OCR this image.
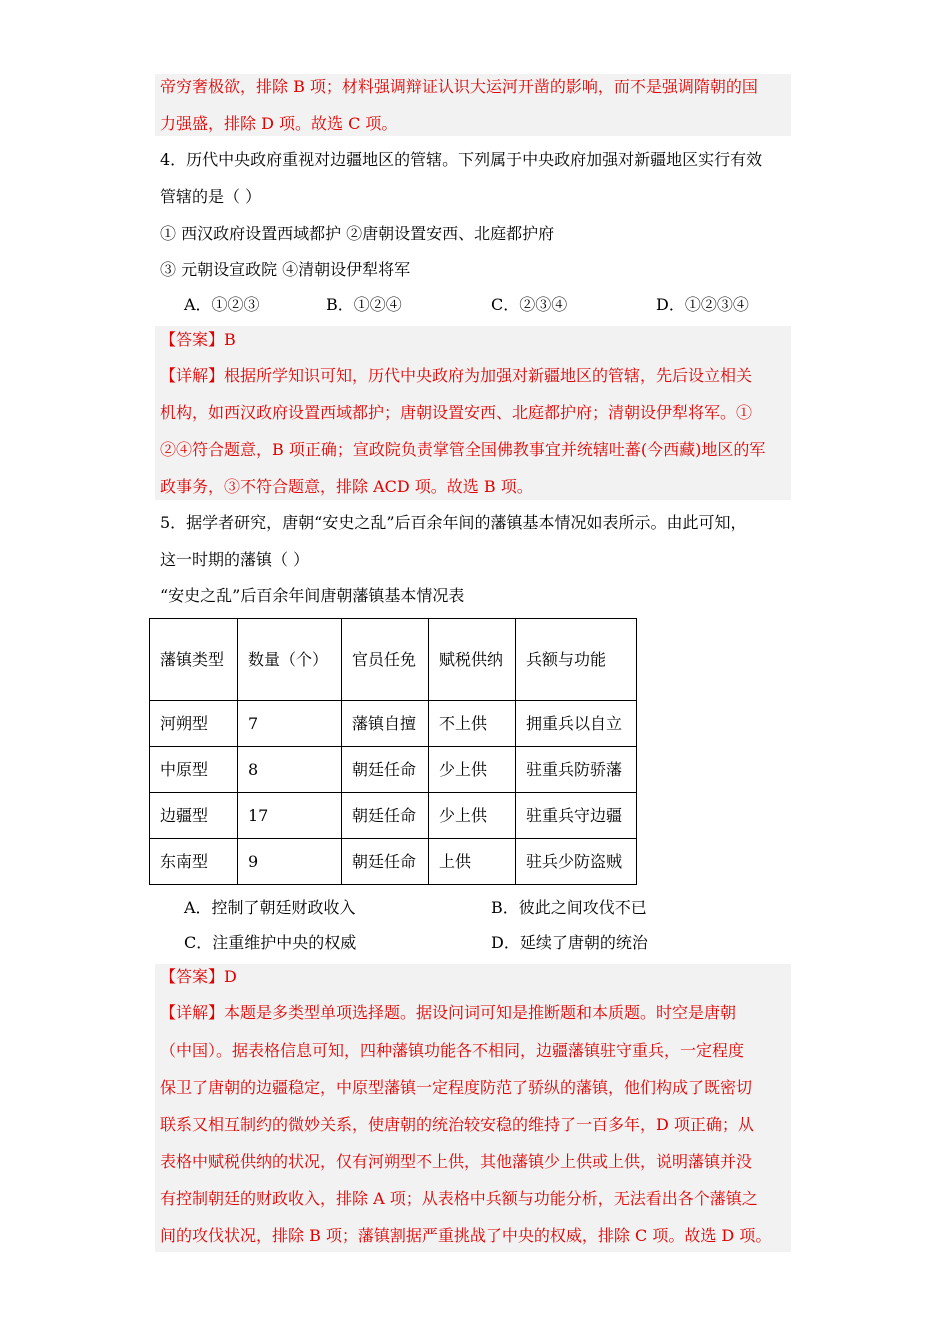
帝穷奢极欲，排除 B 项；材料强调辩证认识大运河开凿的影响，而不是强调隋朝的国
力强盛，排除 D 项。故选 C 项。
4．历代中央政府重视对边疆地区的管辖。下列属于中央政府加强对新疆地区实行有效
管辖的是（ ）
① 西汉政府设置西域都护 ②唐朝设置安西、北庭都护府
③ 元朝设宣政院 ④清朝设伊犁将军
A．①②③	B．①②④	C．②③④	D．①②③④
【答案】B
【详解】根据所学知识可知，历代中央政府为加强对新疆地区的管辖，先后设立相关
机构，如西汉政府设置西域都护；唐朝设置安西、北庭都护府；清朝设伊犁将军。①
②④符合题意，B 项正确；宣政院负责掌管全国佛教事宜并统辖吐蕃(今西藏)地区的军
政事务，③不符合题意，排除 ACD 项。故选 B 项。
5．据学者研究，唐朝“安史之乱”后百余年间的藩镇基本情况如表所示。由此可知，
这一时期的藩镇（ ）
“安史之乱”后百余年间唐朝藩镇基本情况表
藩镇类型	数量（个）	官员任免	赋税供纳	兵额与功能
河朔型	7	藩镇自擅	不上供	拥重兵以自立
中原型	8	朝廷任命	少上供	驻重兵防骄藩
边疆型	17	朝廷任命	少上供	驻重兵守边疆
东南型	9	朝廷任命	上供	驻兵少防盗贼
A．控制了朝廷财政收入	B．彼此之间攻伐不已
C．注重维护中央的权威	D．延续了唐朝的统治
【答案】D
【详解】本题是多类型单项选择题。据设问词可知是推断题和本质题。时空是唐朝
（中国）。据表格信息可知，四种藩镇功能各不相同，边疆藩镇驻守重兵，一定程度
保卫了唐朝的边疆稳定，中原型藩镇一定程度防范了骄纵的藩镇，他们构成了既密切
联系又相互制约的微妙关系，使唐朝的统治较安稳的维持了一百多年，D 项正确；从
表格中赋税供纳的状况，仅有河朔型不上供，其他藩镇少上供或上供，说明藩镇并没
有控制朝廷的财政收入，排除 A 项；从表格中兵额与功能分析，无法看出各个藩镇之
间的攻伐状况，排除 B 项；藩镇割据严重挑战了中央的权威，排除 C 项。故选 D 项。
